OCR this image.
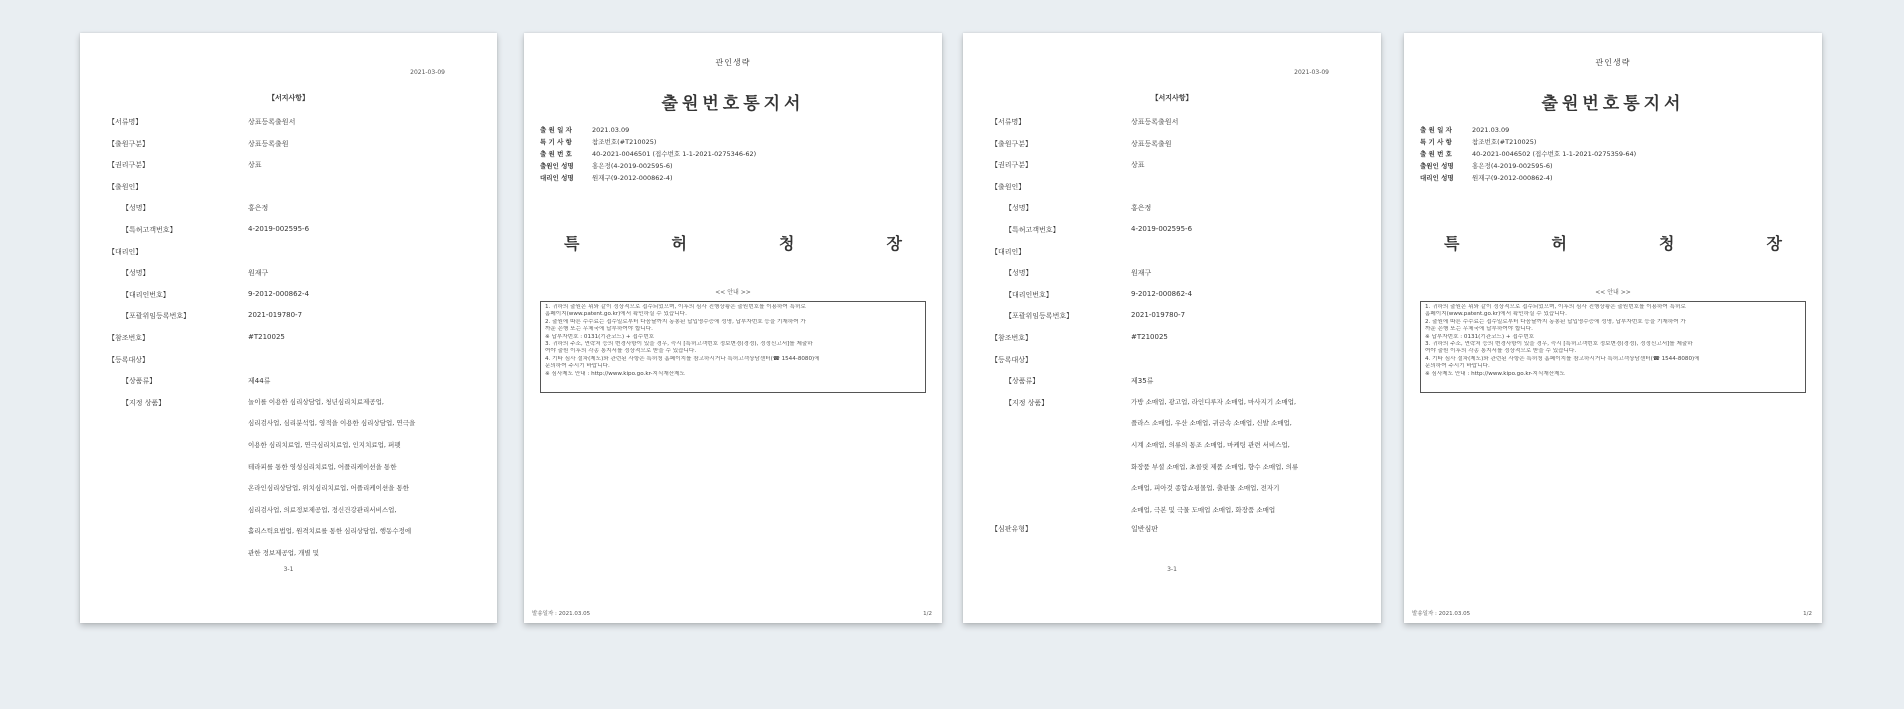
2021-03-09
【서지사항】
【서류명】	상표등록출원서
【출원구분】	상표등록출원
【권리구분】	상표
【출원인】
【성명】	홍은정
【특허고객번호】	4-2019-002595-6
【대리인】
【성명】	원재구
【대리인번호】	9-2012-000862-4
【포괄위임등록번호】	2021-019780-7
【참조번호】	#T210025
【등록대상】
【상품류】	제44류
【지정 상품】	놀이를 이용한 심리상담업, 청년심리치료제공업, 심리검사업, 심리분석업, 영적을 이용한 심리상담업, 연극을 이용한 심리치료업, 연극심리치료업, 인지치료업, 퍼펫 테라피를 통한 영성심리치료업, 어플리케이션을 통한 온라인심리상담업, 위치심리치료업, 어플리케이션을 통한 심리검사업, 의료정보제공업, 정신건강관리서비스업, 홀리스틱요법업, 원격치료를 통한 심리상담업, 행동수정에 관한 정보제공업, 개별 및
3-1
관인생략
출원번호통지서
출 원 일 자	2021.03.09
특 기 사 항	참조번호(#T210025)
출 원 번 호	40-2021-0046501 (접수번호 1-1-2021-0275346-62)
출원인 성명	홍은정(4-2019-002595-6)
대리인 성명	원재구(9-2012-000862-4)
특	허	청	장
<< 안내 >>
1. 귀하의 출원은 위와 같이 정상적으로 접수되었으며, 이후의 심사 진행상황은 출원번호를 이용하여 특허로
홈페이지(www.patent.go.kr)에서 확인하실 수 있습니다.
2. 출원에 따른 수수료는 접수일로부터 다음날까지 동봉된 납입영수증에 성명, 납부자번호 등을 기재하여 가
까운 은행 또는 우체국에 납부하여야 합니다.
※ 납부자번호 : 0131(기관코드) + 접수번호
3. 귀하의 주소, 연락처 등의 변경사항이 있을 경우, 즉시 [특허고객번호 정보변경(경정), 정정신고서]를 제출하
여야 출원 이후의 각종 통지서를 정상적으로 받을 수 있습니다.
4. 기타 심사 절차(제도)와 관련된 사항은 특허청 홈페이지를 참고하시거나 특허고객상담센터(☎ 1544-8080)에
문의하여 주시기 바랍니다.
※ 심사제도 안내 : http://www.kipo.go.kr-지식재산제도
발송일자 : 2021.03.05	1/2
2021-03-09
【서지사항】
【서류명】	상표등록출원서
【출원구분】	상표등록출원
【권리구분】	상표
【출원인】
【성명】	홍은정
【특허고객번호】	4-2019-002595-6
【대리인】
【성명】	원재구
【대리인번호】	9-2012-000862-4
【포괄위임등록번호】	2021-019780-7
【참조번호】	#T210025
【등록대상】
【상품류】	제35류
【지정 상품】	가방 소매업, 광고업, 라인디루자 소매업, 마사지기 소매업, 플라스 소매업, 우산 소매업, 귀금속 소매업, 신발 소매업, 시계 소매업, 의류의 통조 소매업, 마케팅 관련 서비스업, 화장품 부셜 소매업, 초콜릿 제품 소매업, 향수 소매업, 의류 소매업, 피아것 종합쇼핑몰업, 출판물 소매업, 전자기 소매업, 극본 및 극물 도매업 소매업, 화장품 소매업
【심판유형】	일반심판
3-1
관인생략
출원번호통지서
출 원 일 자	2021.03.09
특 기 사 항	참조번호(#T210025)
출 원 번 호	40-2021-0046502 (접수번호 1-1-2021-0275359-64)
출원인 성명	홍은정(4-2019-002595-6)
대리인 성명	원재구(9-2012-000862-4)
특	허	청	장
<< 안내 >>
1. 귀하의 출원은 위와 같이 정상적으로 접수되었으며, 이후의 심사 진행상황은 출원번호를 이용하여 특허로
홈페이지(www.patent.go.kr)에서 확인하실 수 있습니다.
2. 출원에 따른 수수료는 접수일로부터 다음날까지 동봉된 납입영수증에 성명, 납부자번호 등을 기재하여 가
까운 은행 또는 우체국에 납부하여야 합니다.
※ 납부자번호 : 0131(기관코드) + 접수번호
3. 귀하의 주소, 연락처 등의 변경사항이 있을 경우, 즉시 [특허고객번호 정보변경(경정), 정정신고서]를 제출하
여야 출원 이후의 각종 통지서를 정상적으로 받을 수 있습니다.
4. 기타 심사 절차(제도)와 관련된 사항은 특허청 홈페이지를 참고하시거나 특허고객상담센터(☎ 1544-8080)에
문의하여 주시기 바랍니다.
※ 심사제도 안내 : http://www.kipo.go.kr-지식재산제도
발송일자 : 2021.03.05	1/2
